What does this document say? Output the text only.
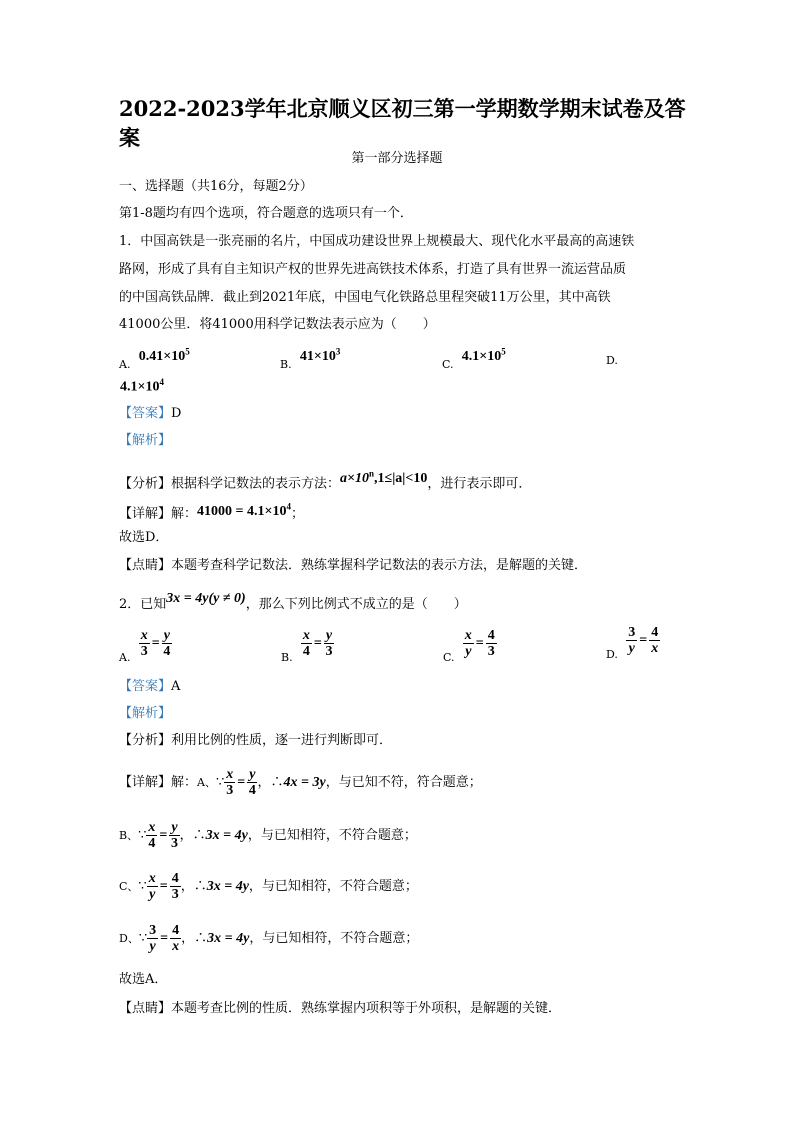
2022-2023学年北京顺义区初三第一学期数学期末试卷及答
案
第一部分选择题
一、选择题（共16分，每题2分）
第1-8题均有四个选项，符合题意的选项只有一个．
1．中国高铁是一张亮丽的名片，中国成功建设世界上规模最大、现代化水平最高的高速铁
路网，形成了具有自主知识产权的世界先进高铁技术体系，打造了具有世界一流运营品质
的中国高铁品牌．截止到2021年底，中国电气化铁路总里程突破11万公里，其中高铁
41000公里．将41000用科学记数法表示应为（　　）
$_{A.}$  $0.41\times 10^5$
$_{B.}$  $41\times 10^3$
$_{C.}$  $4.1\times 10^5$
D.
$4.1\times 10^4$
【答案】D
【解析】
【分析】根据科学记数法的表示方法：$a\times 10^n,1\le|a|<10$，进行表示即可．
【详解】解：$41000 = 4.1\times 10^4$；
故选D．
【点睛】本题考查科学记数法．熟练掌握科学记数法的表示方法，是解题的关键．
2．已知3x = 4y(y ≠ 0)，那么下列比例式不成立的是（　　）
$_{A.} \frac{x}{3} = \frac{y}{4}$	$_{B.} \frac{x}{4} = \frac{y}{3}$	$_{C.} \frac{x}{y} = \frac{4}{3}$	$_{D.} \frac{3}{y} = \frac{4}{x}$
【答案】A
【解析】
【分析】利用比例的性质，逐一进行判断即可．
【详解】解：A、∵ $\frac{x}{3} = \frac{y}{4}$ ，∴4x = 3y，与已知不符，符合题意；
B、∵ $\frac{x}{4} = \frac{y}{3}$ ，∴3x = 4y，与已知相符，不符合题意；
C、∵ $\frac{x}{y} = \frac{4}{3}$ ，∴3x = 4y，与已知相符，不符合题意；
D、∵ $\frac{3}{y} = \frac{4}{x}$ ，∴3x = 4y，与已知相符，不符合题意；
故选A．
【点睛】本题考查比例的性质．熟练掌握内项积等于外项积，是解题的关键．
